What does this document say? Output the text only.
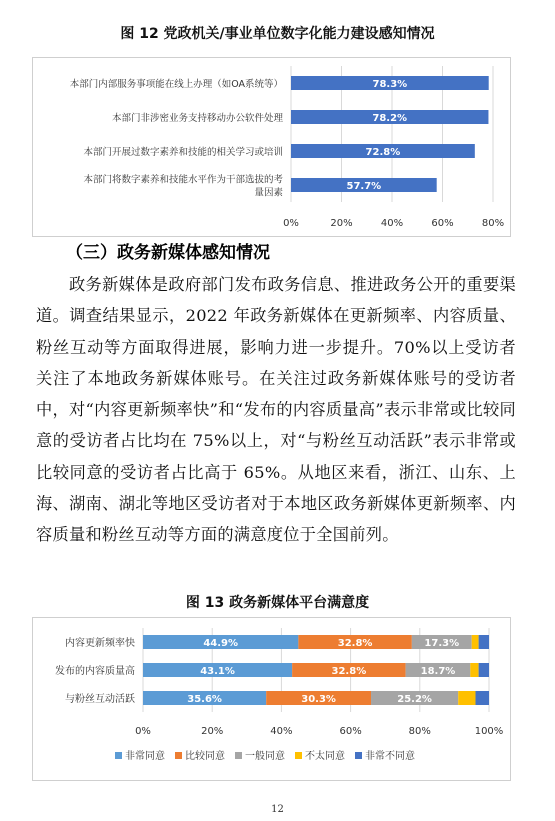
图 12 党政机关/事业单位数字化能力建设感知情况
0%	20%	40%	60%	80%
78.3%
本部门内部服务事项能在线上办理（如OA系统等）
78.2%
本部门非涉密业务支持移动办公软件处理
72.8%
本部门开展过数字素养和技能的相关学习或培训
57.7%
本部门将数字素养和技能水平作为干部选拔的考
量因素
（三）政务新媒体感知情况
政务新媒体是政府部门发布政务信息、推进政务公开的重要渠道。调查结果显示，2022 年政务新媒体在更新频率、内容质量、粉丝互动等方面取得进展，影响力进一步提升。70%以上受访者关注了本地政务新媒体账号。在关注过政务新媒体账号的受访者中，对“内容更新频率快”和“发布的内容质量高”表示非常或比较同意的受访者占比均在 75%以上，对“与粉丝互动活跃”表示非常或比较同意的受访者占比高于 65%。从地区来看，浙江、山东、上海、湖南、湖北等地区受访者对于本地区政务新媒体更新频率、内容质量和粉丝互动等方面的满意度位于全国前列。
图 13 政务新媒体平台满意度
0%	20%	40%	60%	80%	100%
内容更新频率快	44.9%	32.8%	17.3%
发布的内容质量高	43.1%	32.8%	18.7%
与粉丝互动活跃	35.6%	30.3%	25.2%
非常同意 比较同意 一般同意 不太同意 非常不同意
12
